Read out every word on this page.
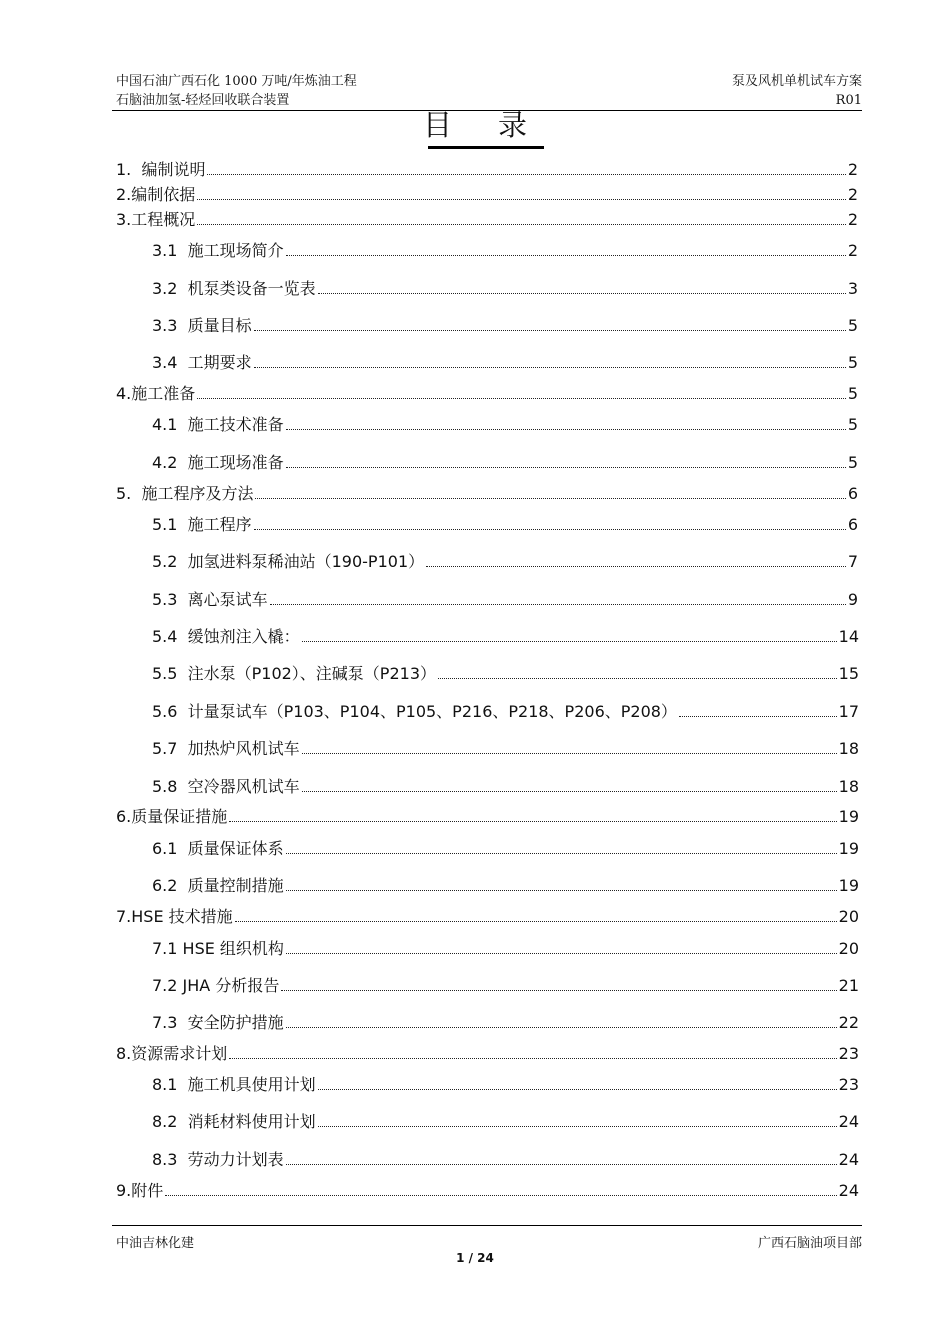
中国石油广西石化 1000 万吨/年炼油工程
石脑油加氢-轻烃回收联合装置
泵及风机单机试车方案
R01
目录
1.  编制说明	2
2.编制依据	2
3.工程概况	2
3.1  施工现场简介	2
3.2  机泵类设备一览表	3
3.3  质量目标	5
3.4  工期要求	5
4.施工准备	5
4.1  施工技术准备	5
4.2  施工现场准备	5
5.  施工程序及方法	6
5.1  施工程序	6
5.2  加氢进料泵稀油站（190-P101）	7
5.3  离心泵试车	9
5.4  缓蚀剂注入橇：	14
5.5  注水泵（P102）、注碱泵（P213）	15
5.6  计量泵试车（P103、P104、P105、P216、P218、P206、P208）	17
5.7  加热炉风机试车	18
5.8  空冷器风机试车	18
6.质量保证措施	19
6.1  质量保证体系	19
6.2  质量控制措施	19
7.HSE 技术措施	20
7.1 HSE 组织机构	20
7.2 JHA 分析报告	21
7.3  安全防护措施	22
8.资源需求计划	23
8.1  施工机具使用计划	23
8.2  消耗材料使用计划	24
8.3  劳动力计划表	24
9.附件	24
中油吉林化建	广西石脑油项目部
1 / 24
